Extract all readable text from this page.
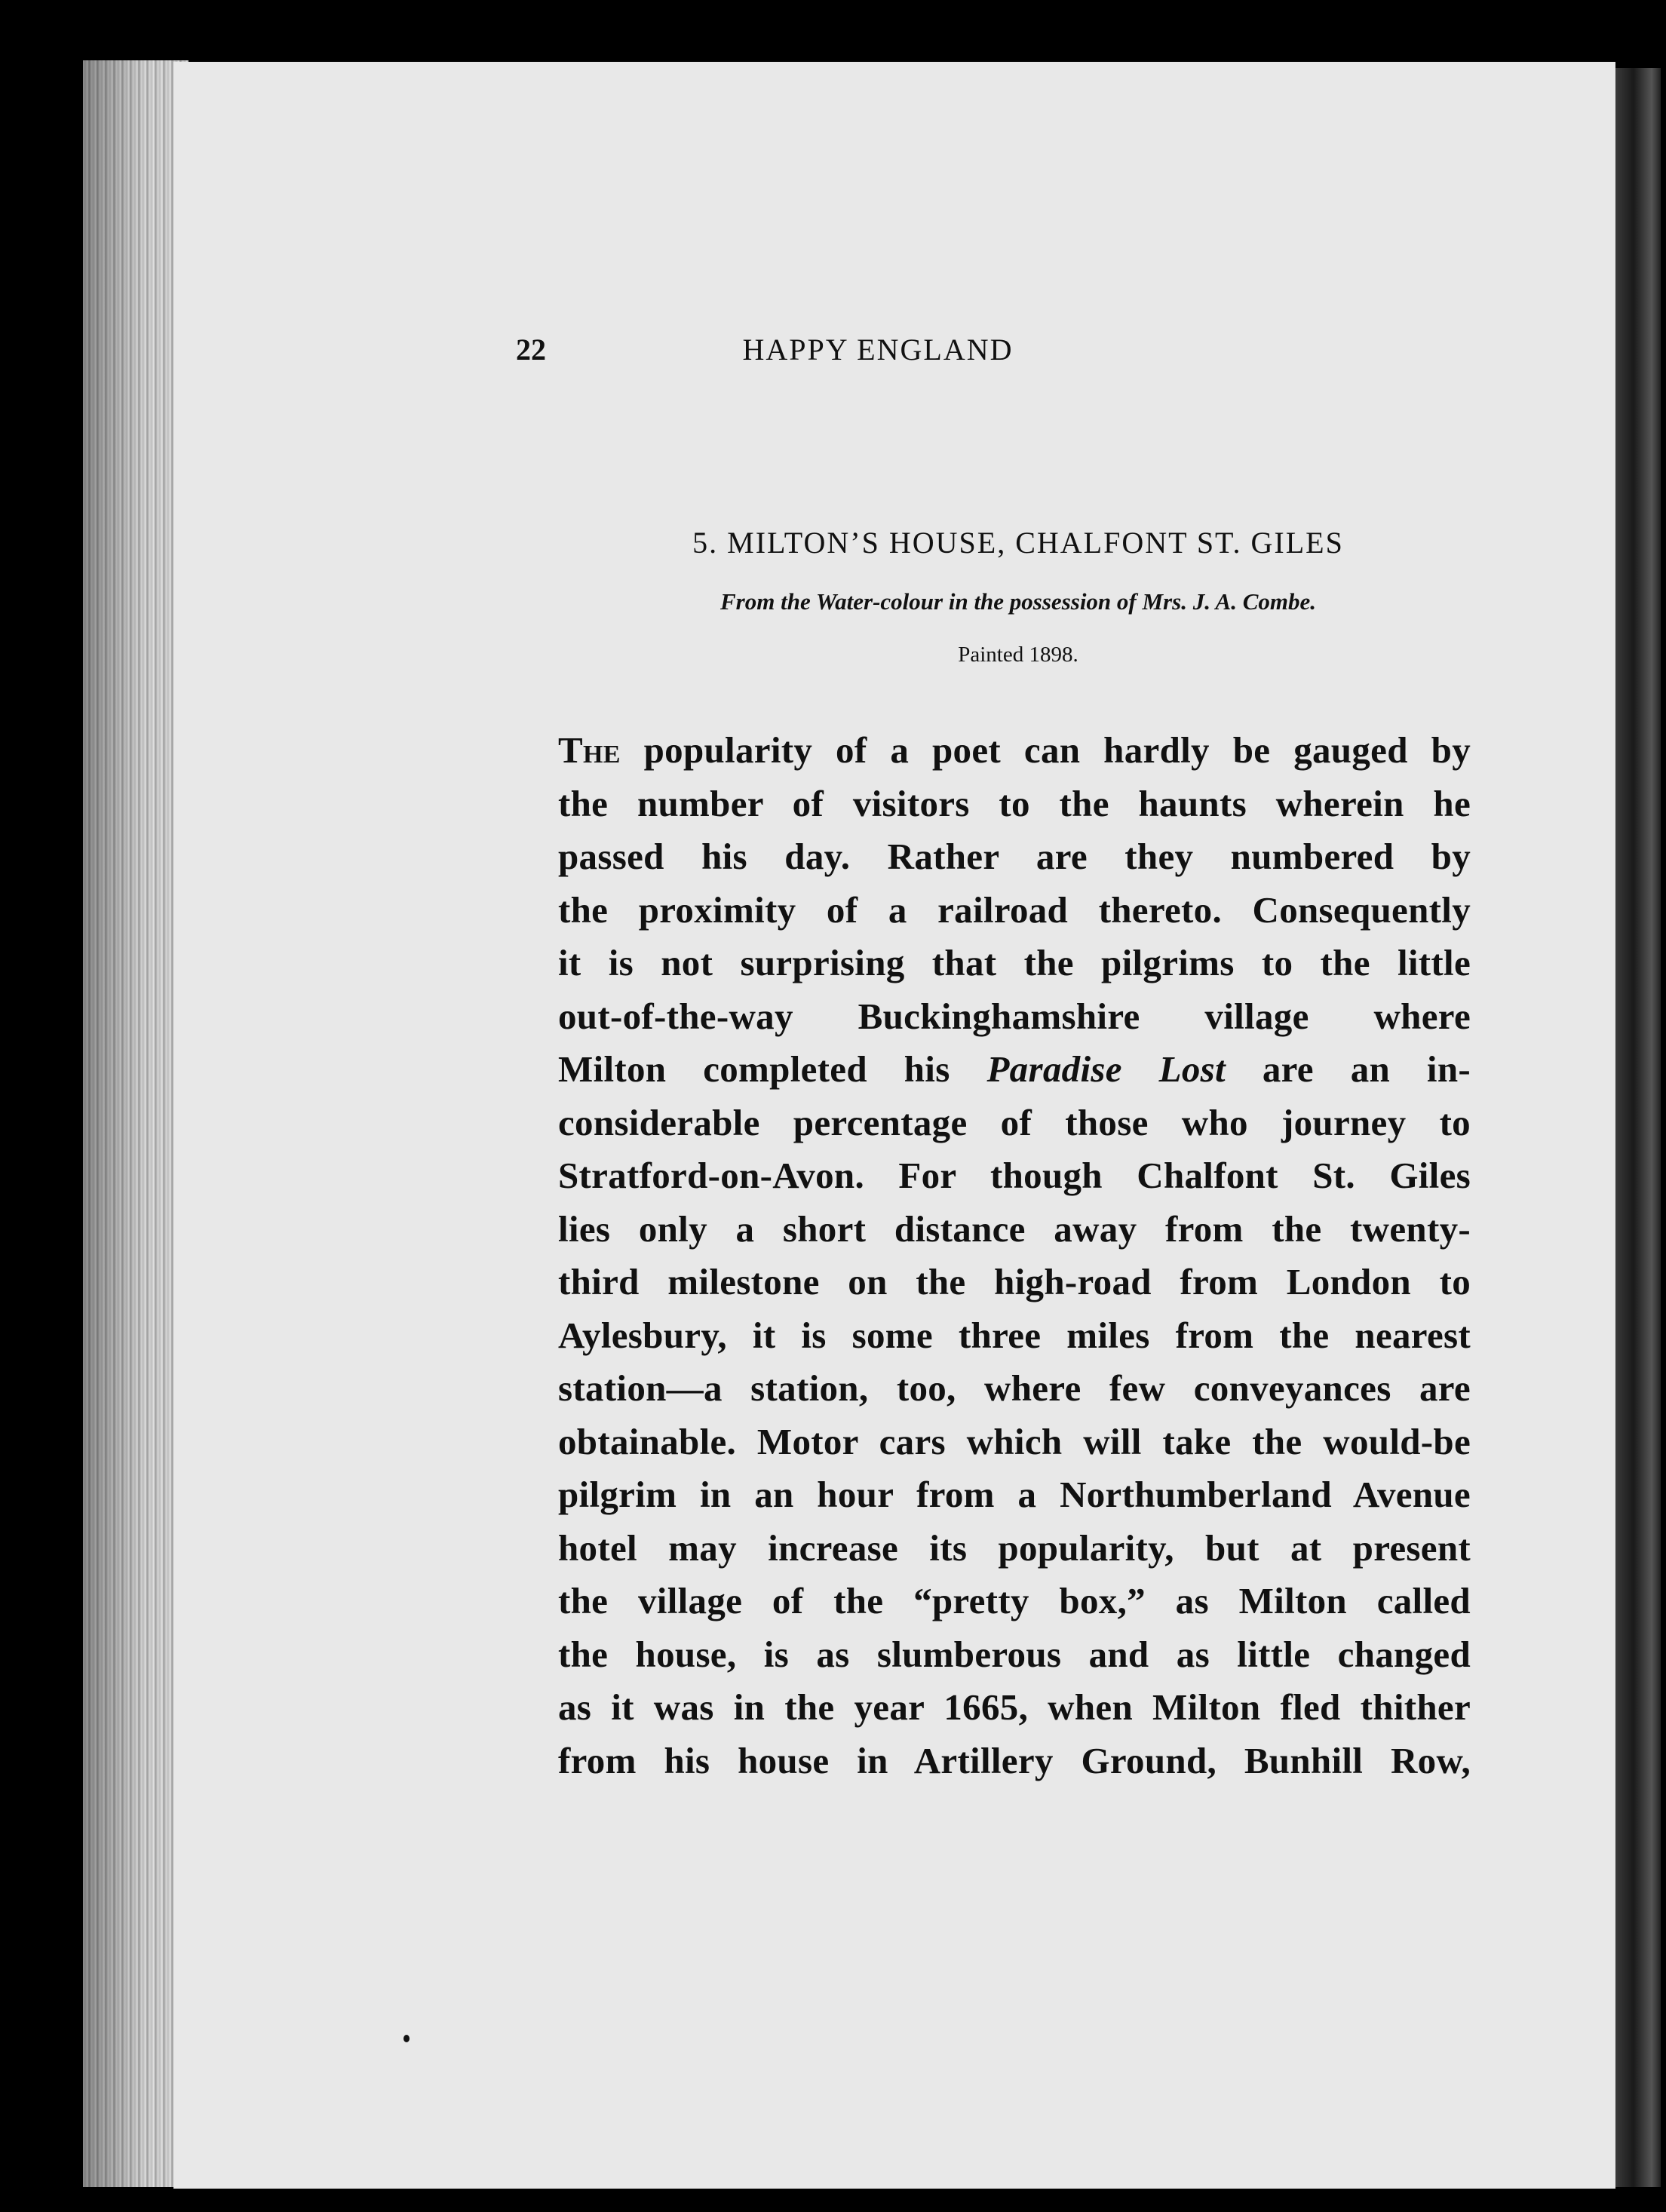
22	HAPPY ENGLAND

5. MILTON’S HOUSE, CHALFONT ST. GILES

From the Water-colour in the possession of Mrs. J. A. Combe.

Painted 1898.

The popularity of a poet can hardly be gauged by
the number of visitors to the haunts wherein he
passed his day. Rather are they numbered by
the proximity of a railroad thereto. Consequently
it is not surprising that the pilgrims to the little
out-of-the-way Buckinghamshire village where
Milton completed his Paradise Lost are an in-
considerable percentage of those who journey to
Stratford-on-Avon. For though Chalfont St. Giles
lies only a short distance away from the twenty-
third milestone on the high-road from London to
Aylesbury, it is some three miles from the nearest
station—a station, too, where few conveyances are
obtainable. Motor cars which will take the would-be
pilgrim in an hour from a Northumberland Avenue
hotel may increase its popularity, but at present
the village of the “pretty box,” as Milton called
the house, is as slumberous and as little changed
as it was in the year 1665, when Milton fled thither
from his house in Artillery Ground, Bunhill Row,
